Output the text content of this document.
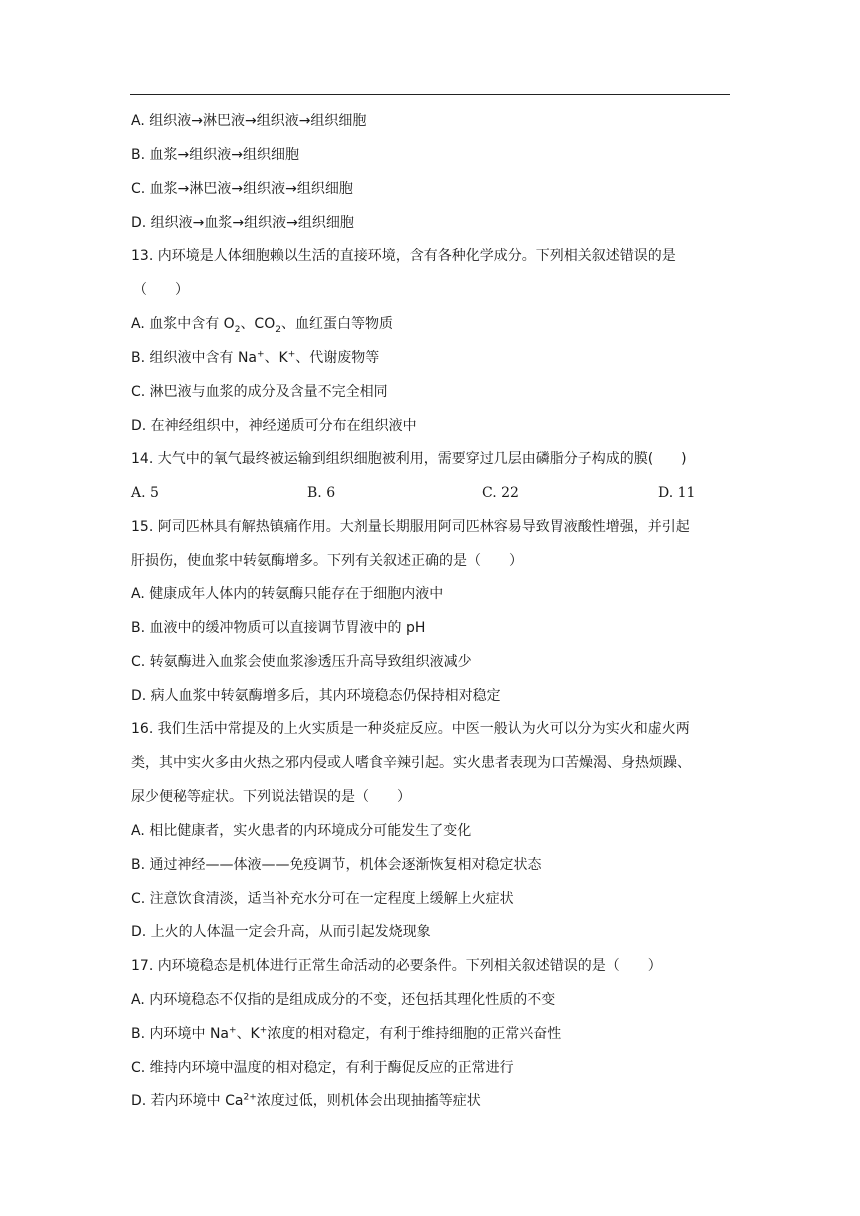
A. 组织液→淋巴液→组织液→组织细胞
B. 血浆→组织液→组织细胞
C. 血浆→淋巴液→组织液→组织细胞
D. 组织液→血浆→组织液→组织细胞
13. 内环境是人体细胞赖以生活的直接环境，含有各种化学成分。下列相关叙述错误的是
（　　）
A. 血浆中含有 $O_2$、$CO_2$、血红蛋白等物质
B. 组织液中含有 Na+、K+、代谢废物等
C. 淋巴液与血浆的成分及含量不完全相同
D. 在神经组织中，神经递质可分布在组织液中
14. 大气中的氧气最终被运输到组织细胞被利用，需要穿过几层由磷脂分子构成的膜(　　)
A. 5	B. 6	C. 22	D. 11
15. 阿司匹林具有解热镇痛作用。大剂量长期服用阿司匹林容易导致胃液酸性增强，并引起
肝损伤，使血浆中转氨酶增多。下列有关叙述正确的是（　　）
A. 健康成年人体内的转氨酶只能存在于细胞内液中
B. 血液中的缓冲物质可以直接调节胃液中的 pH
C. 转氨酶进入血浆会使血浆渗透压升高导致组织液减少
D. 病人血浆中转氨酶增多后，其内环境稳态仍保持相对稳定
16. 我们生活中常提及的上火实质是一种炎症反应。中医一般认为火可以分为实火和虚火两
类，其中实火多由火热之邪内侵或人嗜食辛辣引起。实火患者表现为口苦燥渴、身热烦躁、
尿少便秘等症状。下列说法错误的是（　　）
A. 相比健康者，实火患者的内环境成分可能发生了变化
B. 通过神经——体液——免疫调节，机体会逐渐恢复相对稳定状态
C. 注意饮食清淡，适当补充水分可在一定程度上缓解上火症状
D. 上火的人体温一定会升高，从而引起发烧现象
17. 内环境稳态是机体进行正常生命活动的必要条件。下列相关叙述错误的是（　　）
A. 内环境稳态不仅指的是组成成分的不变，还包括其理化性质的不变
B. 内环境中 Na+、K+浓度的相对稳定，有利于维持细胞的正常兴奋性
C. 维持内环境中温度的相对稳定，有利于酶促反应的正常进行
D. 若内环境中 $Ca^{2+}$浓度过低，则机体会出现抽搐等症状
